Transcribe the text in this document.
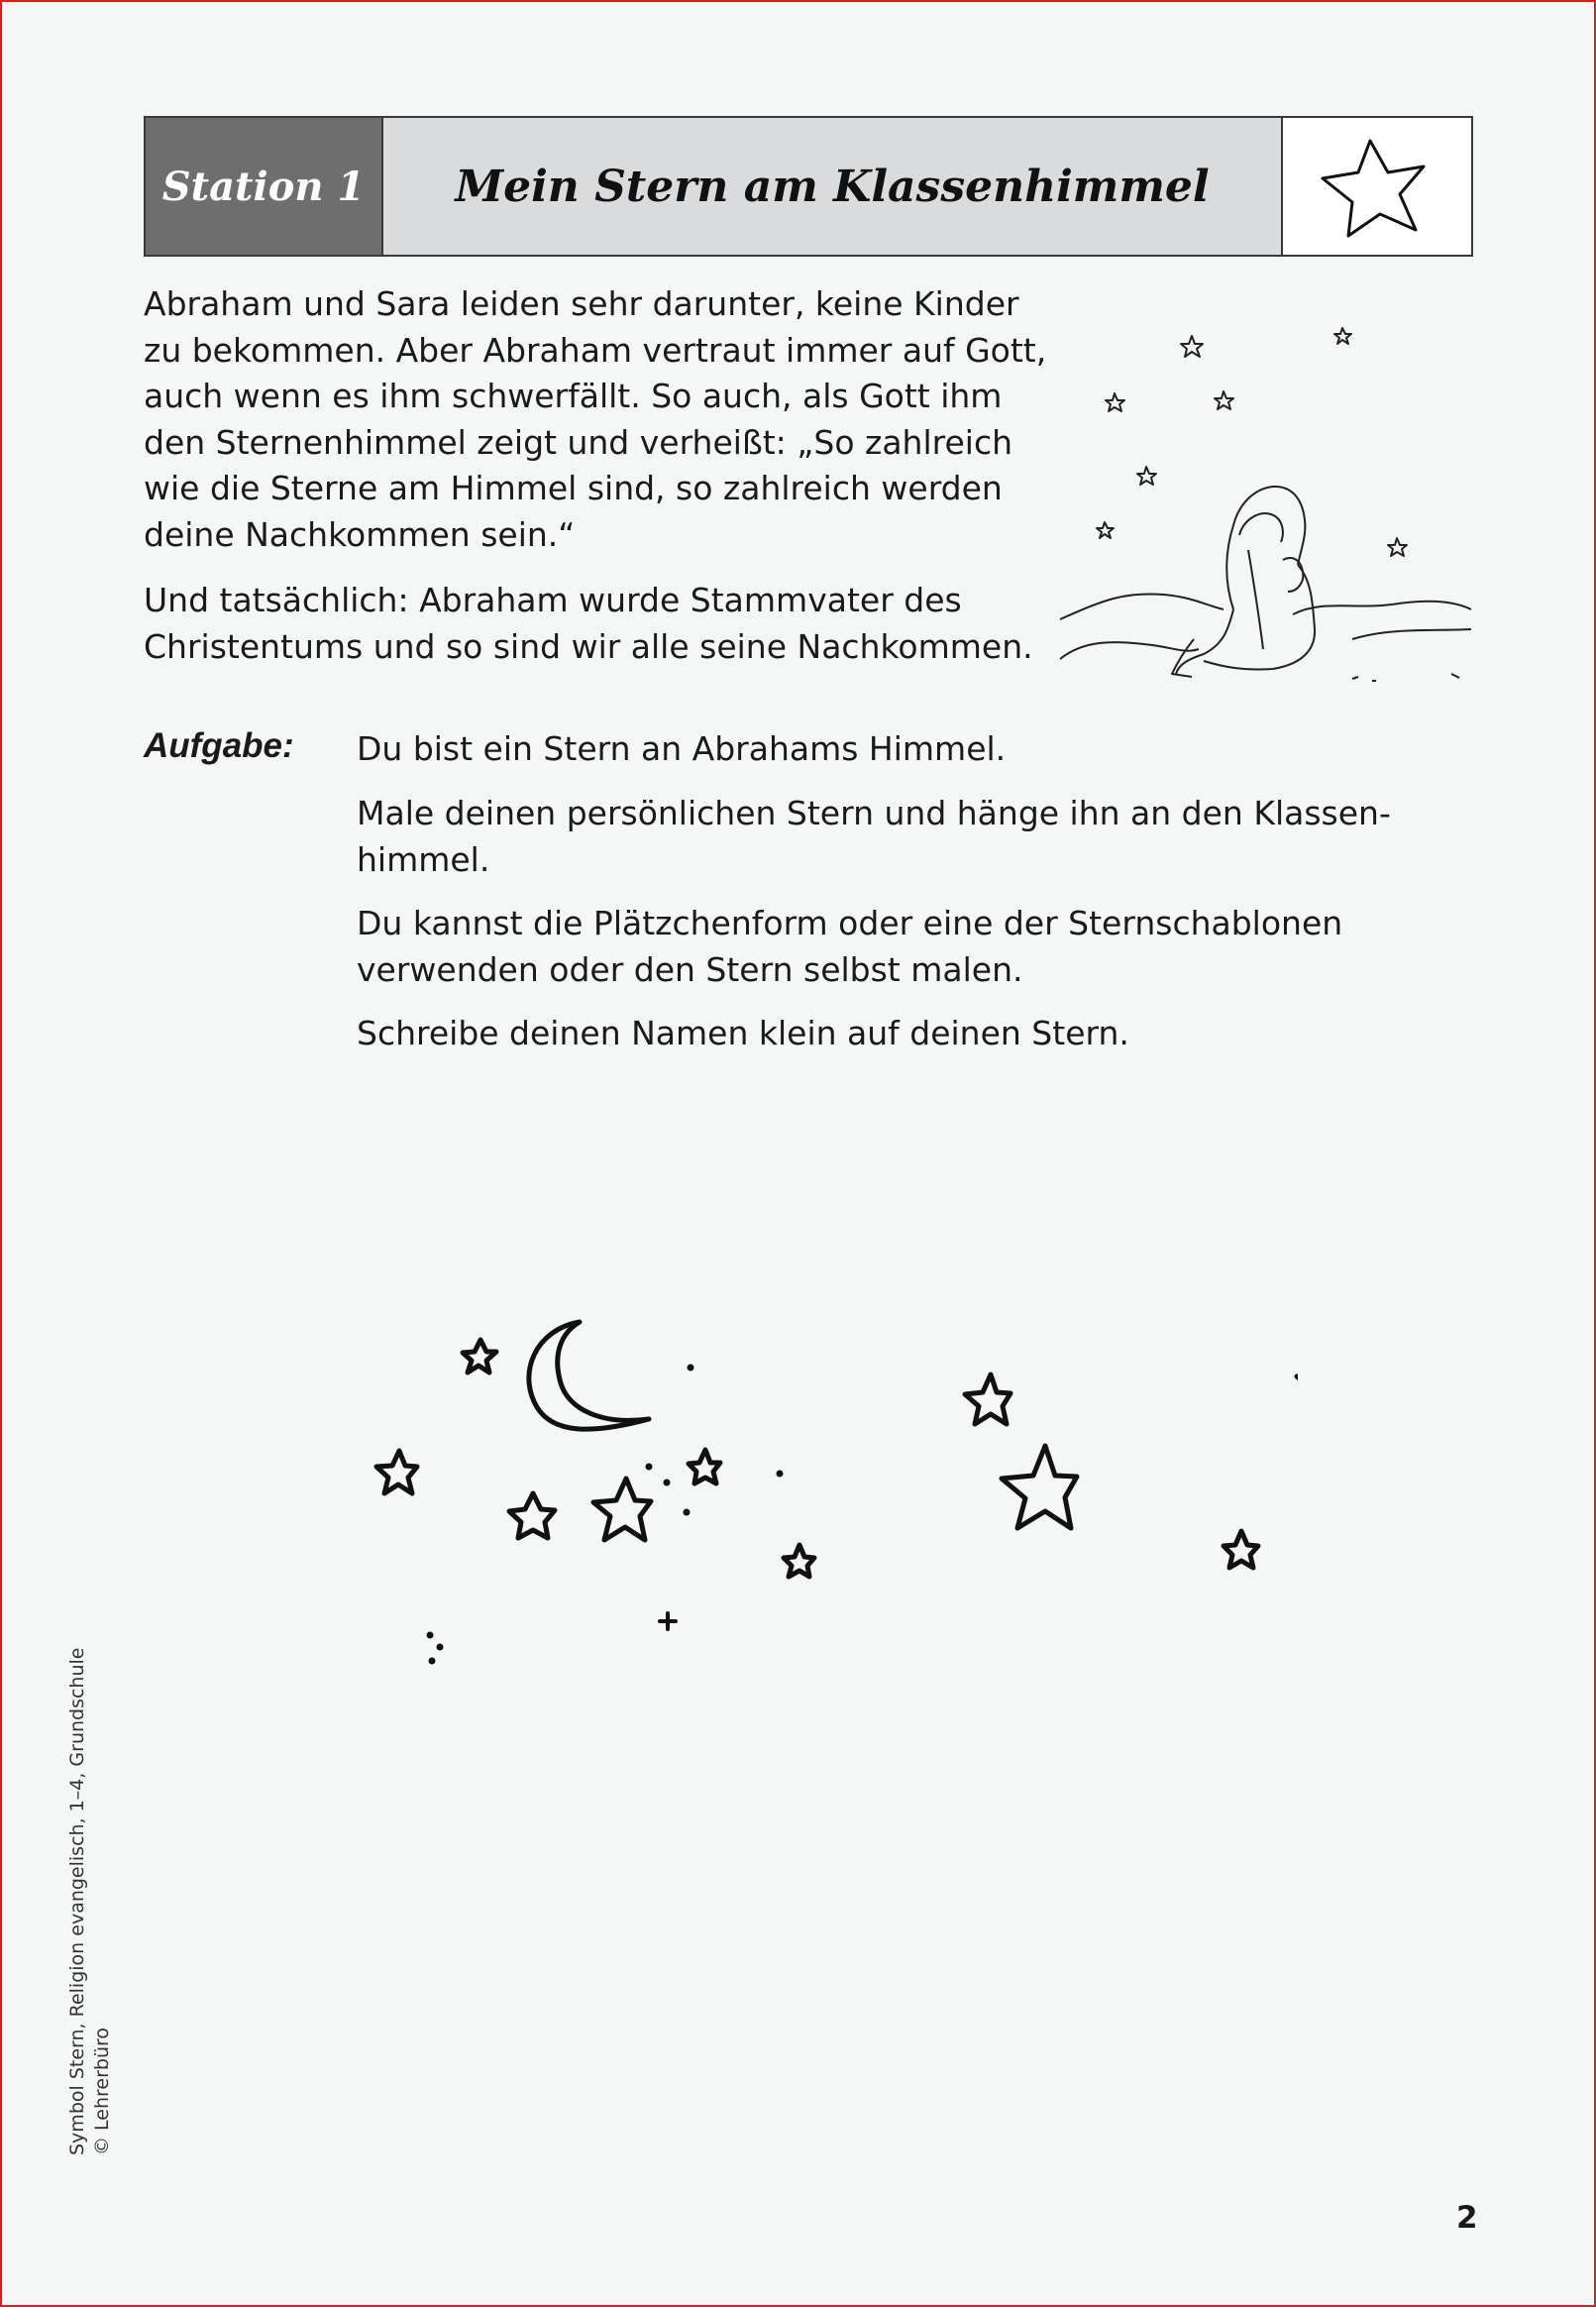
Station 1	Mein Stern am Klassenhimmel

Abraham und Sara leiden sehr darunter, keine Kinder zu bekommen. Aber Abraham vertraut immer auf Gott, auch wenn es ihm schwerfällt. So auch, als Gott ihm den Sternenhimmel zeigt und verheißt: „So zahlreich wie die Sterne am Himmel sind, so zahlreich werden deine Nachkommen sein.“

Und tatsächlich: Abraham wurde Stammvater des Christentums und so sind wir alle seine Nachkommen.

Aufgabe: Du bist ein Stern an Abrahams Himmel.

Male deinen persönlichen Stern und hänge ihn an den Klassenhimmel.

Du kannst die Plätzchenform oder eine der Sternschablonen verwenden oder den Stern selbst malen.

Schreibe deinen Namen klein auf deinen Stern.

Symbol Stern, Religion evangelisch, 1–4, Grundschule © Lehrerbüro
2
